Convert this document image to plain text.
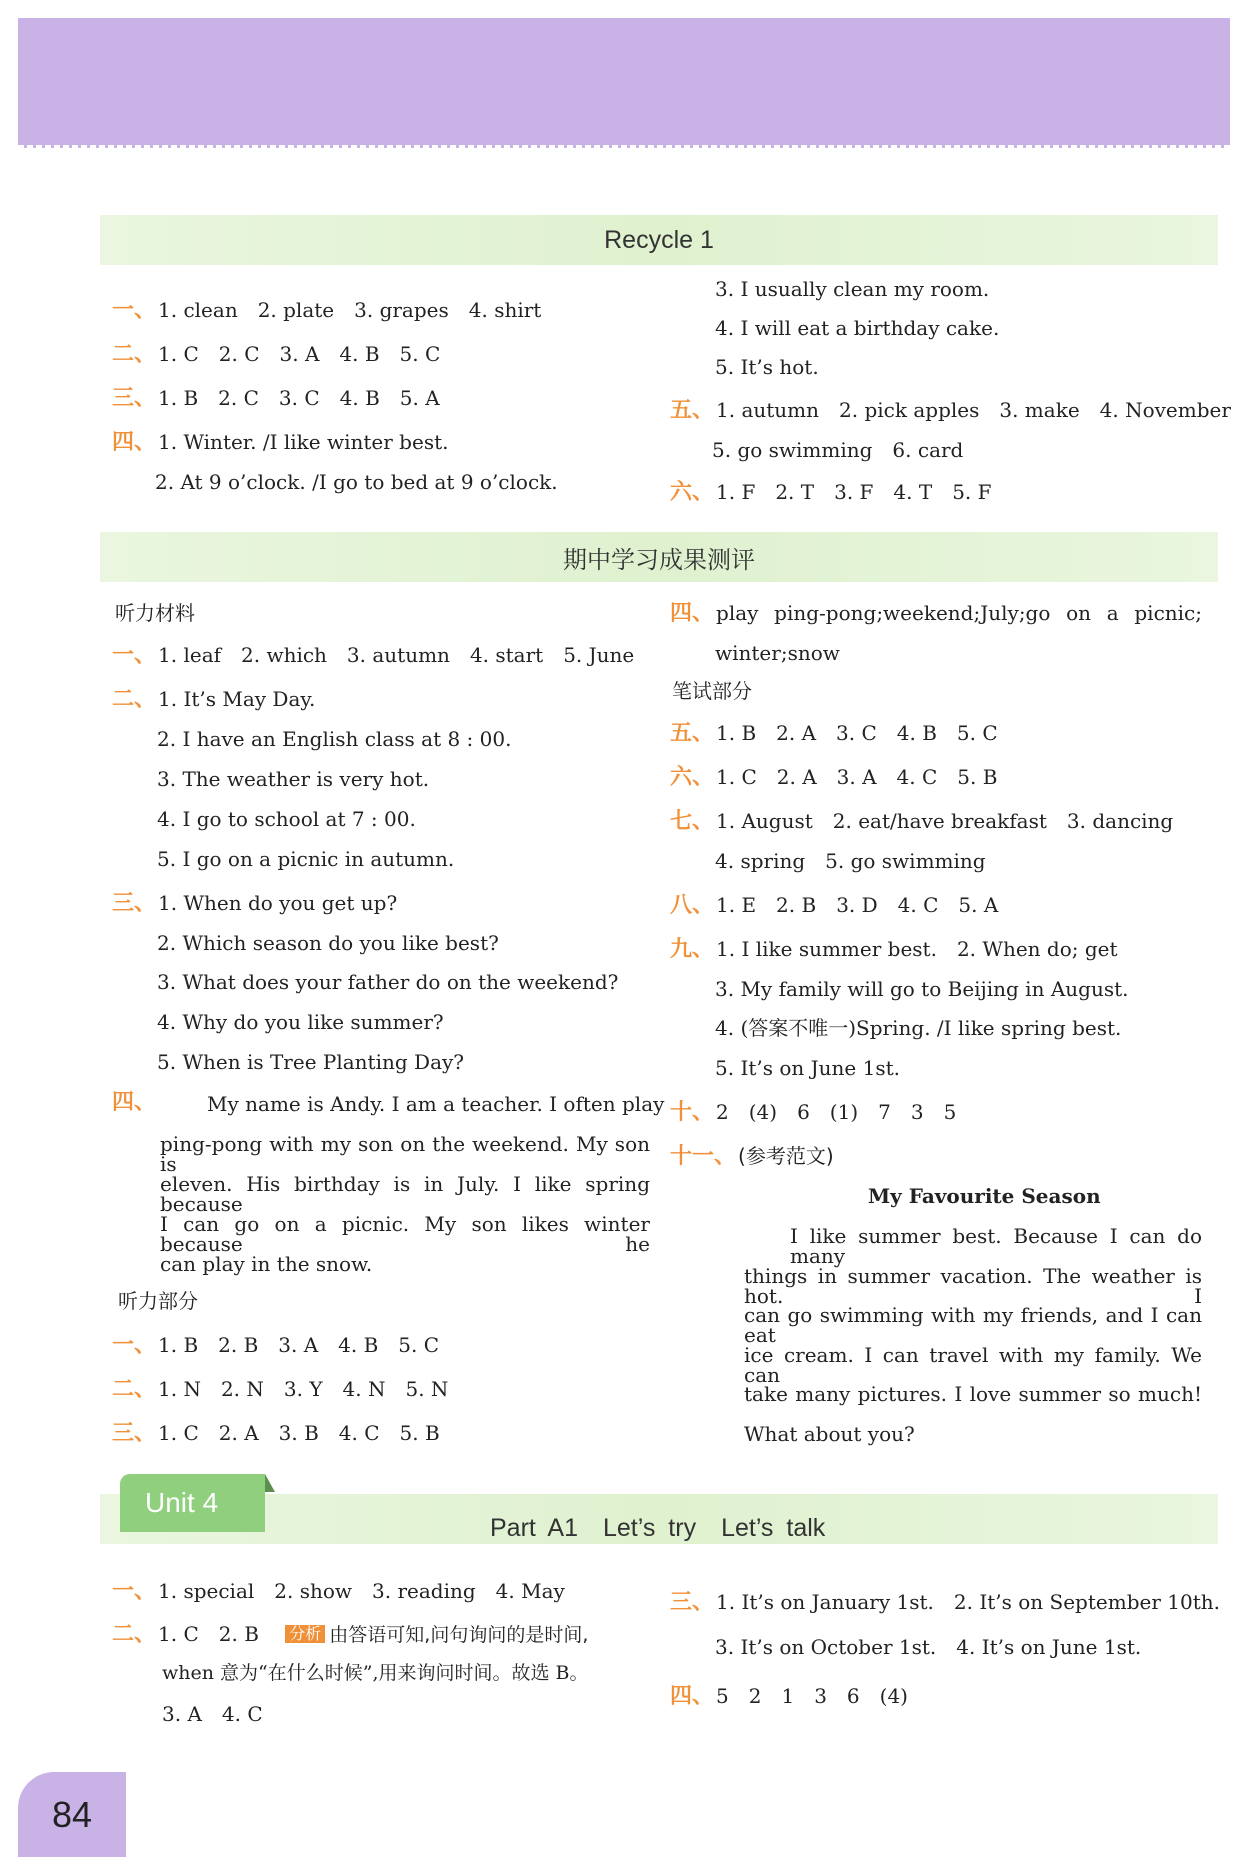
Recycle 1
一、 1. clean　2. plate　3. grapes　4. shirt
二、 1. C　2. C　3. A　4. B　5. C
三、 1. B　2. C　3. C　4. B　5. A
四、 1. Winter. /I like winter best.
2. At 9 o’clock. /I go to bed at 9 o’clock.
3. I usually clean my room.
4. I will eat a birthday cake.
5. It’s hot.
五、 1. autumn　2. pick apples　3. make　4. November
5. go swimming　6. card
六、 1. F　2. T　3. F　4. T　5. F
期中学习成果测评
听力材料
一、 1. leaf　2. which　3. autumn　4. start　5. June
二、 1. It’s May Day.
2. I have an English class at 8 : 00.
3. The weather is very hot.
4. I go to school at 7 : 00.
5. I go on a picnic in autumn.
三、 1. When do you get up?
2. Which season do you like best?
3. What does your father do on the weekend?
4. Why do you like summer?
5. When is Tree Planting Day?
四、	My name is Andy. I am a teacher. I often play
ping-pong with my son on the weekend. My son is
eleven. His birthday is in July. I like spring because
I can go on a picnic. My son likes winter because he
can play in the snow.
听力部分
一、 1. B　2. B　3. A　4. B　5. C
二、 1. N　2. N　3. Y　4. N　5. N
三、 1. C　2. A　3. B　4. C　5. B
四、 play ping-pong;weekend;July;go on a picnic;
winter;snow
笔试部分
五、 1. B　2. A　3. C　4. B　5. C
六、 1. C　2. A　3. A　4. C　5. B
七、 1. August　2. eat/have breakfast　3. dancing
4. spring　5. go swimming
八、 1. E　2. B　3. D　4. C　5. A
九、 1. I like summer best.　2. When do; get
3. My family will go to Beijing in August.
4. (答案不唯一)Spring. /I like spring best.
5. It’s on June 1st.
十、 2　(4)　6　(1)　7　3　5
十一、 (参考范文)
My Favourite Season
I like summer best. Because I can do many
things in summer vacation. The weather is hot. I
can go swimming with my friends, and I can eat
ice cream. I can travel with my family. We can
take many pictures. I love summer so much!
What about you?
Unit 4
Part A1　Let’s try　Let’s talk
一、 1. special　2. show　3. reading　4. May
二、 1. C　2. B 分析 由答语可知,问句询问的是时间,
when 意为“在什么时候”,用来询问时间。故选 B。
3. A　4. C
三、 1. It’s on January 1st.　2. It’s on September 10th.
3. It’s on October 1st.　4. It’s on June 1st.
四、 5　2　1　3　6　(4)
84
